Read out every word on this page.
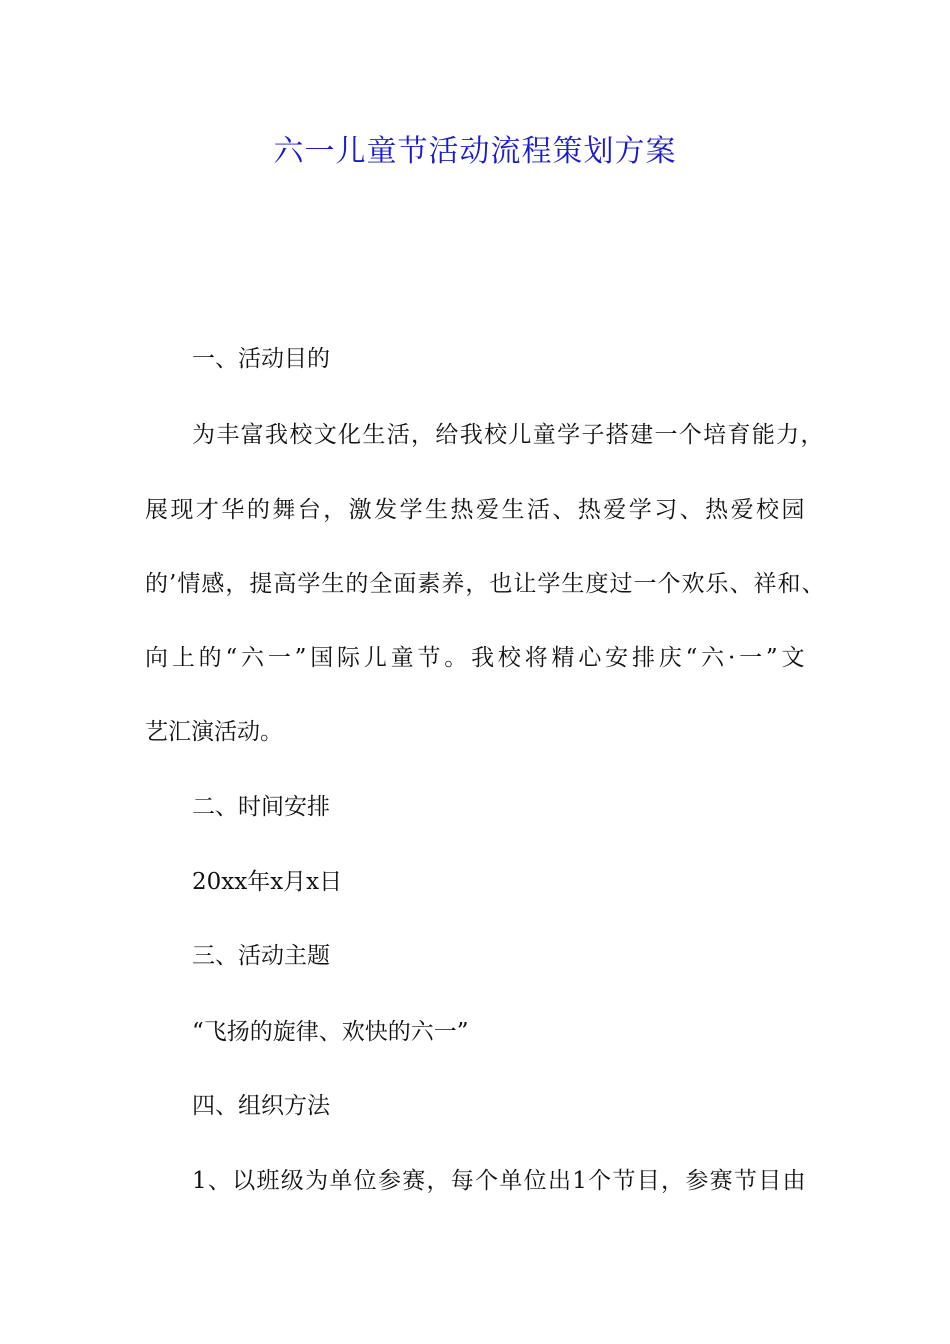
六一儿童节活动流程策划方案

一、活动目的

为丰富我校文化生活，给我校儿童学子搭建一个培育能力，

展现才华的舞台，激发学生热爱生活、热爱学习、热爱校园

的’情感，提高学生的全面素养，也让学生度过一个欢乐、祥和、

向上的“六一”国际儿童节。我校将精心安排庆“六·一”文

艺汇演活动。

二、时间安排

20xx年x月x日

三、活动主题

“飞扬的旋律、欢快的六一”

四、组织方法

1、以班级为单位参赛，每个单位出1个节目，参赛节目由
